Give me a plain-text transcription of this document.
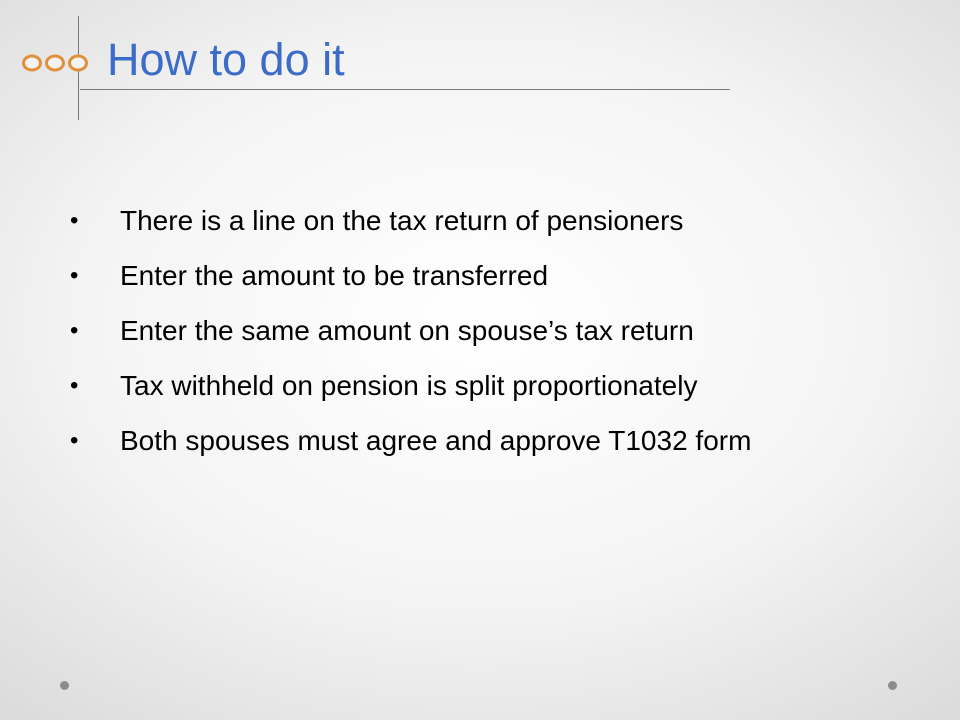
How to do it
•	There is a line on the tax return of pensioners
•	Enter the amount to be transferred
•	Enter the same amount on spouse’s tax return
•	Tax withheld on pension is split proportionately
•	Both spouses must agree and approve T1032 form
